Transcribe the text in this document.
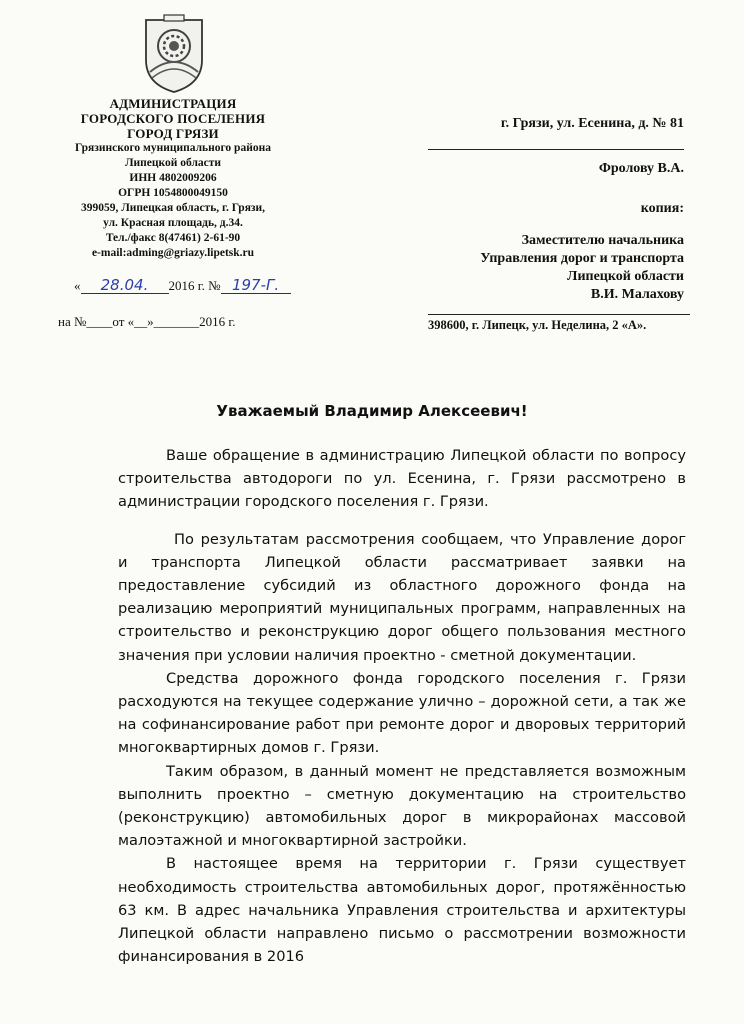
АДМИНИСТРАЦИЯ
ГОРОДСКОГО ПОСЕЛЕНИЯ
ГОРОД ГРЯЗИ
Грязинского муниципального района
Липецкой области
ИНН 4802009206
ОГРН 1054800049150
399059, Липецкая область, г. Грязи,
ул. Красная площадь, д.34.
Тел./факс 8(47461) 2-61-90
e-mail:adming@griazy.lipetsk.ru
« 28.04. 2016 г. № 197-Г.
на №____от «__»_______2016 г.
г. Грязи, ул. Есенина, д. № 81
Фролову В.А.
копия:
Заместителю начальника
Управления дорог и транспорта
Липецкой области
В.И. Малахову
398600, г. Липецк, ул. Неделина, 2 «А».
Уважаемый Владимир Алексеевич!

Ваше обращение в администрацию Липецкой области по вопросу строительства автодороги по ул. Есенина, г. Грязи рассмотрено в администрации городского поселения г. Грязи.

По результатам рассмотрения сообщаем, что Управление дорог и транспорта Липецкой области рассматривает заявки на предоставление субсидий из областного дорожного фонда на реализацию мероприятий муниципальных программ, направленных на строительство и реконструкцию дорог общего пользования местного значения при условии наличия проектно - сметной документации.

Средства дорожного фонда городского поселения г. Грязи расходуются на текущее содержание улично – дорожной сети, а так же на софинансирование работ при ремонте дорог и дворовых территорий многоквартирных домов г. Грязи.

Таким образом, в данный момент не представляется возможным выполнить проектно – сметную документацию на строительство (реконструкцию) автомобильных дорог в микрорайонах массовой малоэтажной и многоквартирной застройки.

В настоящее время на территории г. Грязи существует необходимость строительства автомобильных дорог, протяжённостью 63 км. В адрес начальника Управления строительства и архитектуры Липецкой области направлено письмо о рассмотрении возможности финансирования в 2016
